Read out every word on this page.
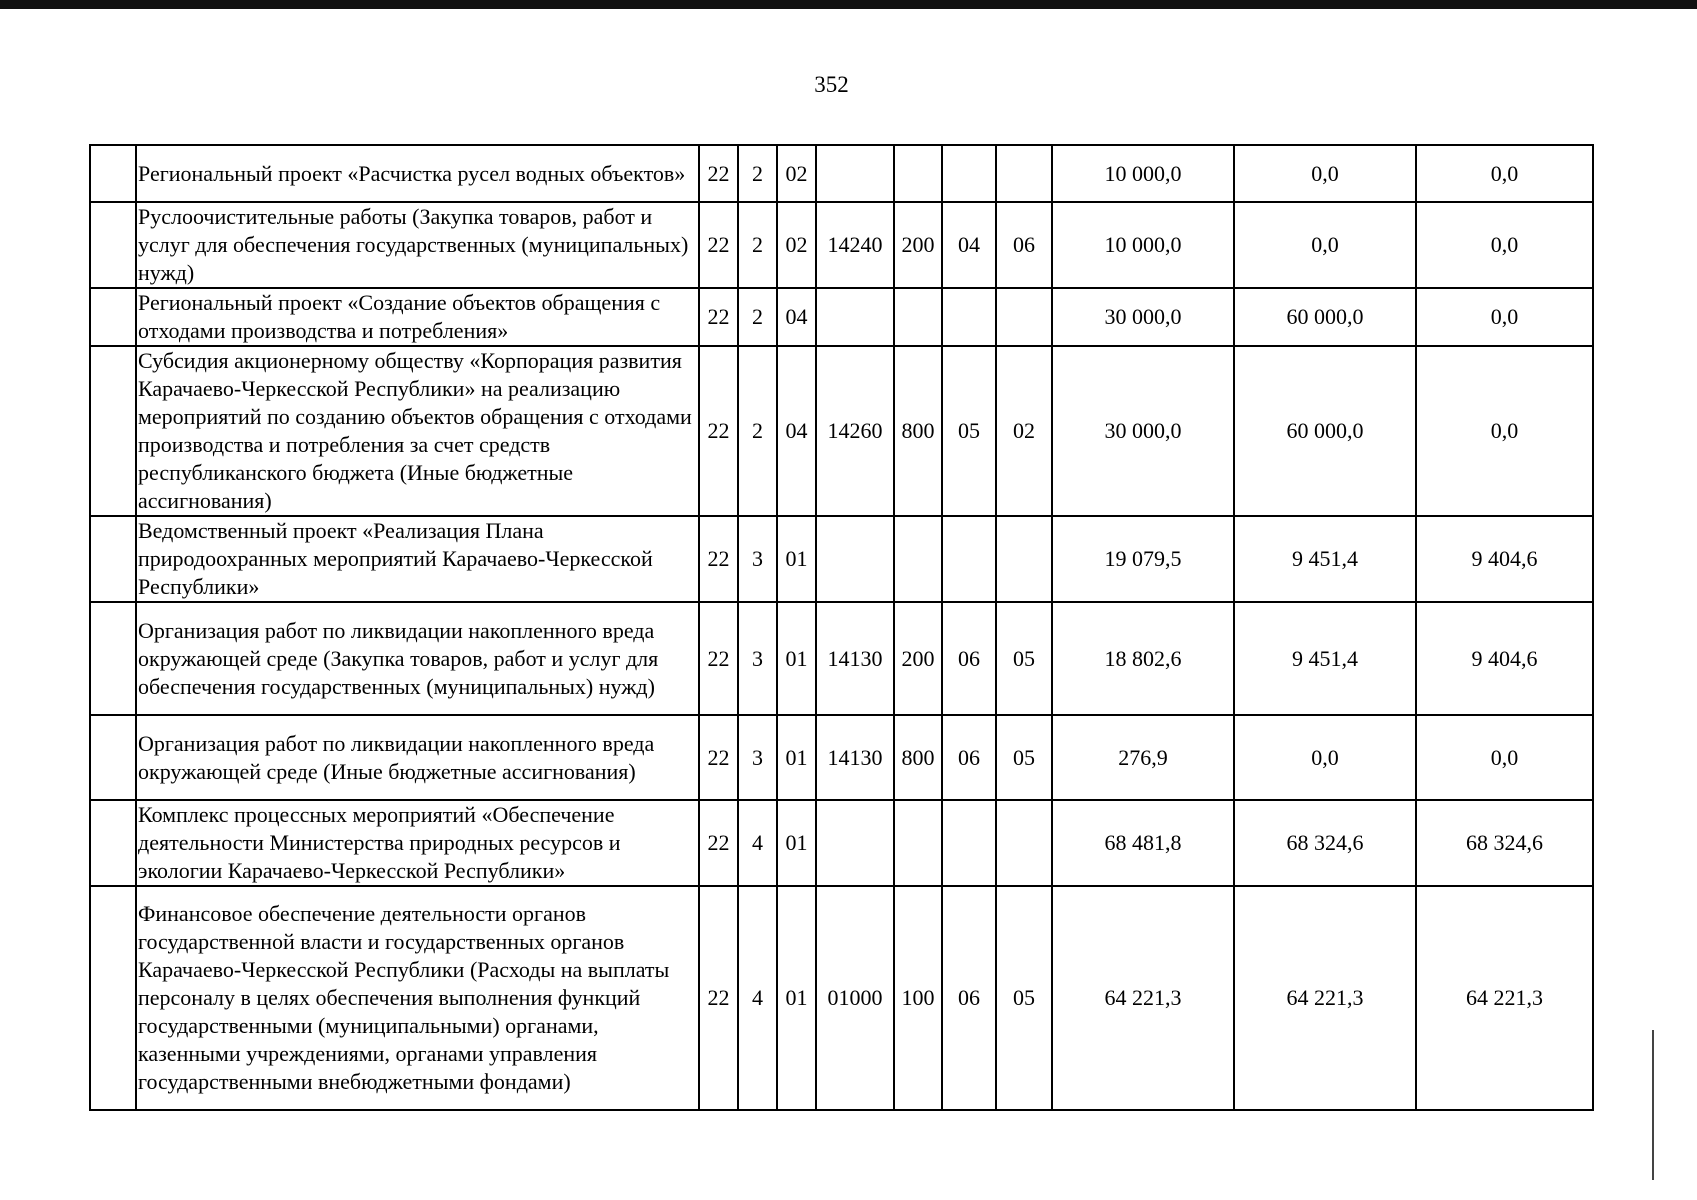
352
	Региональный проект «Расчистка русел водных объектов»	22	2	02					10 000,0	0,0	0,0
	Руслоочистительные работы (Закупка товаров, работ и услуг для обеспечения государственных (муниципальных) нужд)	22	2	02	14240	200	04	06	10 000,0	0,0	0,0
	Региональный проект «Создание объектов обращения с отходами производства и потребления»	22	2	04					30 000,0	60 000,0	0,0
	Субсидия акционерному обществу «Корпорация развития Карачаево-Черкесской Республики» на реализацию мероприятий по созданию объектов обращения с отходами производства и потребления за счет средств республиканского бюджета (Иные бюджетные ассигнования)	22	2	04	14260	800	05	02	30 000,0	60 000,0	0,0
	Ведомственный проект «Реализация Плана природоохранных мероприятий Карачаево-Черкесской Республики»	22	3	01					19 079,5	9 451,4	9 404,6
	Организация работ по ликвидации накопленного вреда окружающей среде (Закупка товаров, работ и услуг для обеспечения государственных (муниципальных) нужд)	22	3	01	14130	200	06	05	18 802,6	9 451,4	9 404,6
	Организация работ по ликвидации накопленного вреда окружающей среде (Иные бюджетные ассигнования)	22	3	01	14130	800	06	05	276,9	0,0	0,0
	Комплекс процессных мероприятий «Обеспечение деятельности Министерства природных ресурсов и экологии Карачаево-Черкесской Республики»	22	4	01					68 481,8	68 324,6	68 324,6
	Финансовое обеспечение деятельности органов государственной власти и государственных органов Карачаево-Черкесской Республики (Расходы на выплаты персоналу в целях обеспечения выполнения функций государственными (муниципальными) органами, казенными учреждениями, органами управления государственными внебюджетными фондами)	22	4	01	01000	100	06	05	64 221,3	64 221,3	64 221,3
